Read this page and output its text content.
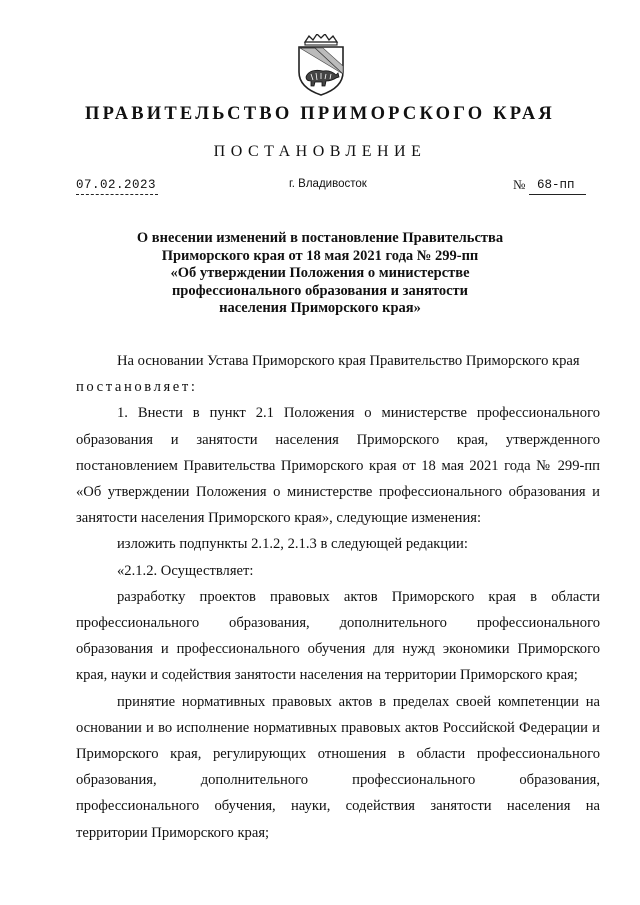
ПРАВИТЕЛЬСТВО ПРИМОРСКОГО КРАЯ
ПОСТАНОВЛЕНИЕ
07.02.2023	г. Владивосток	№ 68-пп
О внесении изменений в постановление Правительства
Приморского края от 18 мая 2021 года № 299-пп
«Об утверждении Положения о министерстве
профессионального образования и занятости
населения Приморского края»

На основании Устава Приморского края Правительство Приморского края

постановляет:

1. Внести в пункт 2.1 Положения о министерстве профессионального образования и занятости населения Приморского края, утвержденного постановлением Правительства Приморского края от 18 мая 2021 года № 299-пп «Об утверждении Положения о министерстве профессионального образования и занятости населения Приморского края», следующие изменения:

изложить подпункты 2.1.2, 2.1.3 в следующей редакции:

«2.1.2. Осуществляет:

разработку проектов правовых актов Приморского края в области профессионального образования, дополнительного профессионального образования и профессионального обучения для нужд экономики Приморского края, науки и содействия занятости населения на территории Приморского края;

принятие нормативных правовых актов в пределах своей компетенции на основании и во исполнение нормативных правовых актов Российской Федерации и Приморского края, регулирующих отношения в области профессионального образования, дополнительного профессионального образования, профессионального обучения, науки, содействия занятости населения на территории Приморского края;
